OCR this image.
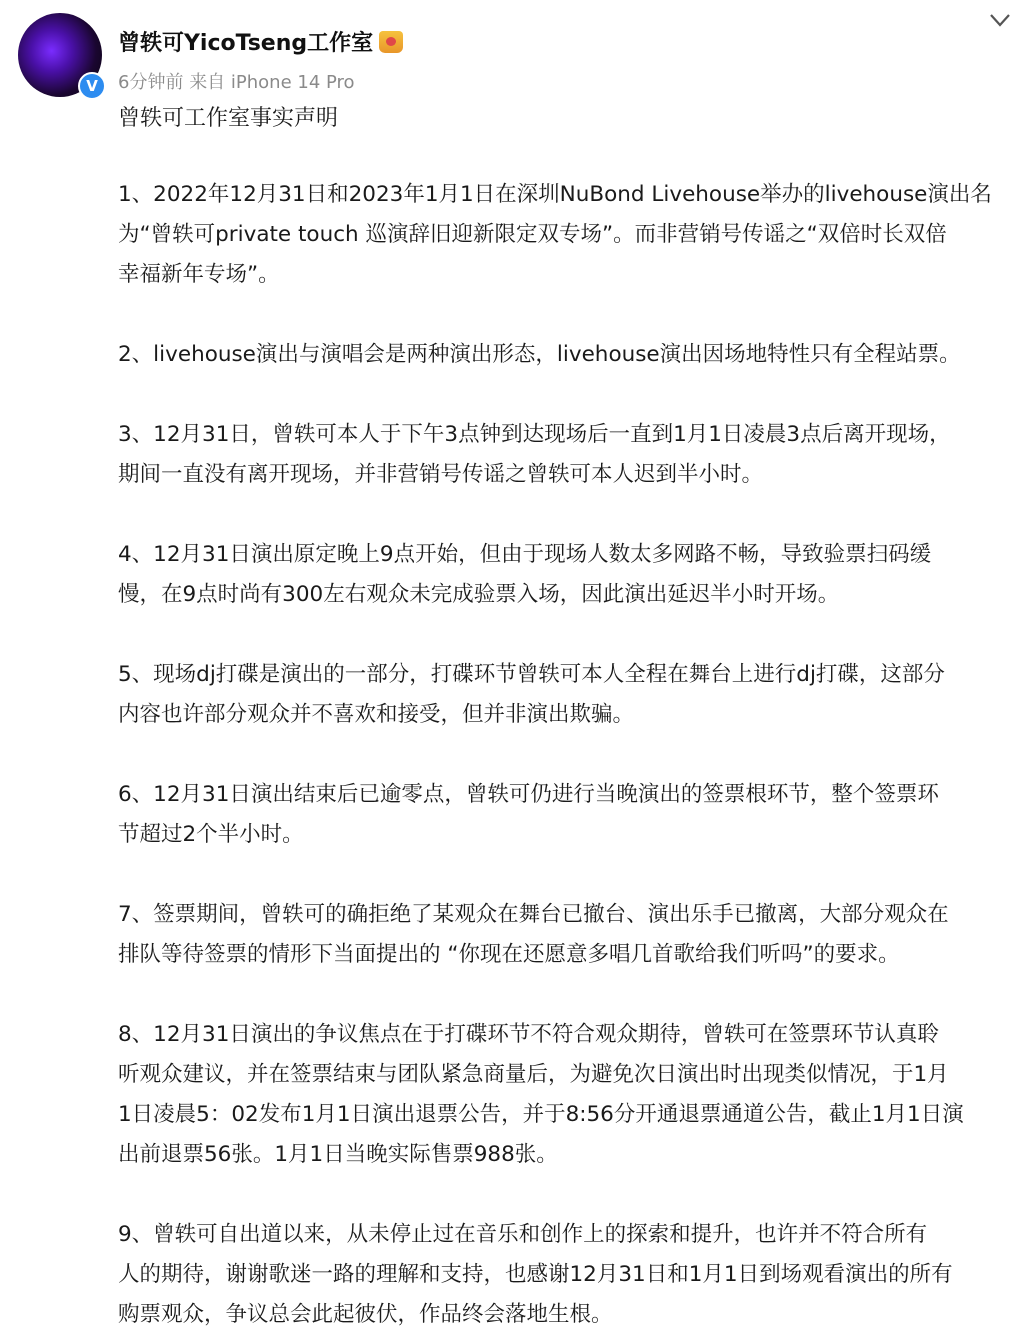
V
曾轶可YicoTseng工作室
6分钟前 来自 iPhone 14 Pro
曾轶可工作室事实声明
1、2022年12月31日和2023年1月1日在深圳NuBond Livehouse举办的livehouse演出名
为“曾轶可private touch 巡演辞旧迎新限定双专场”。而非营销号传谣之“双倍时长双倍
幸福新年专场”。
2、livehouse演出与演唱会是两种演出形态，livehouse演出因场地特性只有全程站票。
3、12月31日，曾轶可本人于下午3点钟到达现场后一直到1月1日凌晨3点后离开现场，
期间一直没有离开现场，并非营销号传谣之曾轶可本人迟到半小时。
4、12月31日演出原定晚上9点开始，但由于现场人数太多网路不畅，导致验票扫码缓
慢，在9点时尚有300左右观众未完成验票入场，因此演出延迟半小时开场。
5、现场dj打碟是演出的一部分，打碟环节曾轶可本人全程在舞台上进行dj打碟，这部分
内容也许部分观众并不喜欢和接受，但并非演出欺骗。
6、12月31日演出结束后已逾零点，曾轶可仍进行当晚演出的签票根环节，整个签票环
节超过2个半小时。
7、签票期间，曾轶可的确拒绝了某观众在舞台已撤台、演出乐手已撤离，大部分观众在
排队等待签票的情形下当面提出的 “你现在还愿意多唱几首歌给我们听吗”的要求。
8、12月31日演出的争议焦点在于打碟环节不符合观众期待，曾轶可在签票环节认真聆
听观众建议，并在签票结束与团队紧急商量后，为避免次日演出时出现类似情况，于1月
1日凌晨5：02发布1月1日演出退票公告，并于8:56分开通退票通道公告，截止1月1日演
出前退票56张。1月1日当晚实际售票988张。
9、曾轶可自出道以来，从未停止过在音乐和创作上的探索和提升，也许并不符合所有
人的期待，谢谢歌迷一路的理解和支持，也感谢12月31日和1月1日到场观看演出的所有
购票观众，争议总会此起彼伏，作品终会落地生根。
